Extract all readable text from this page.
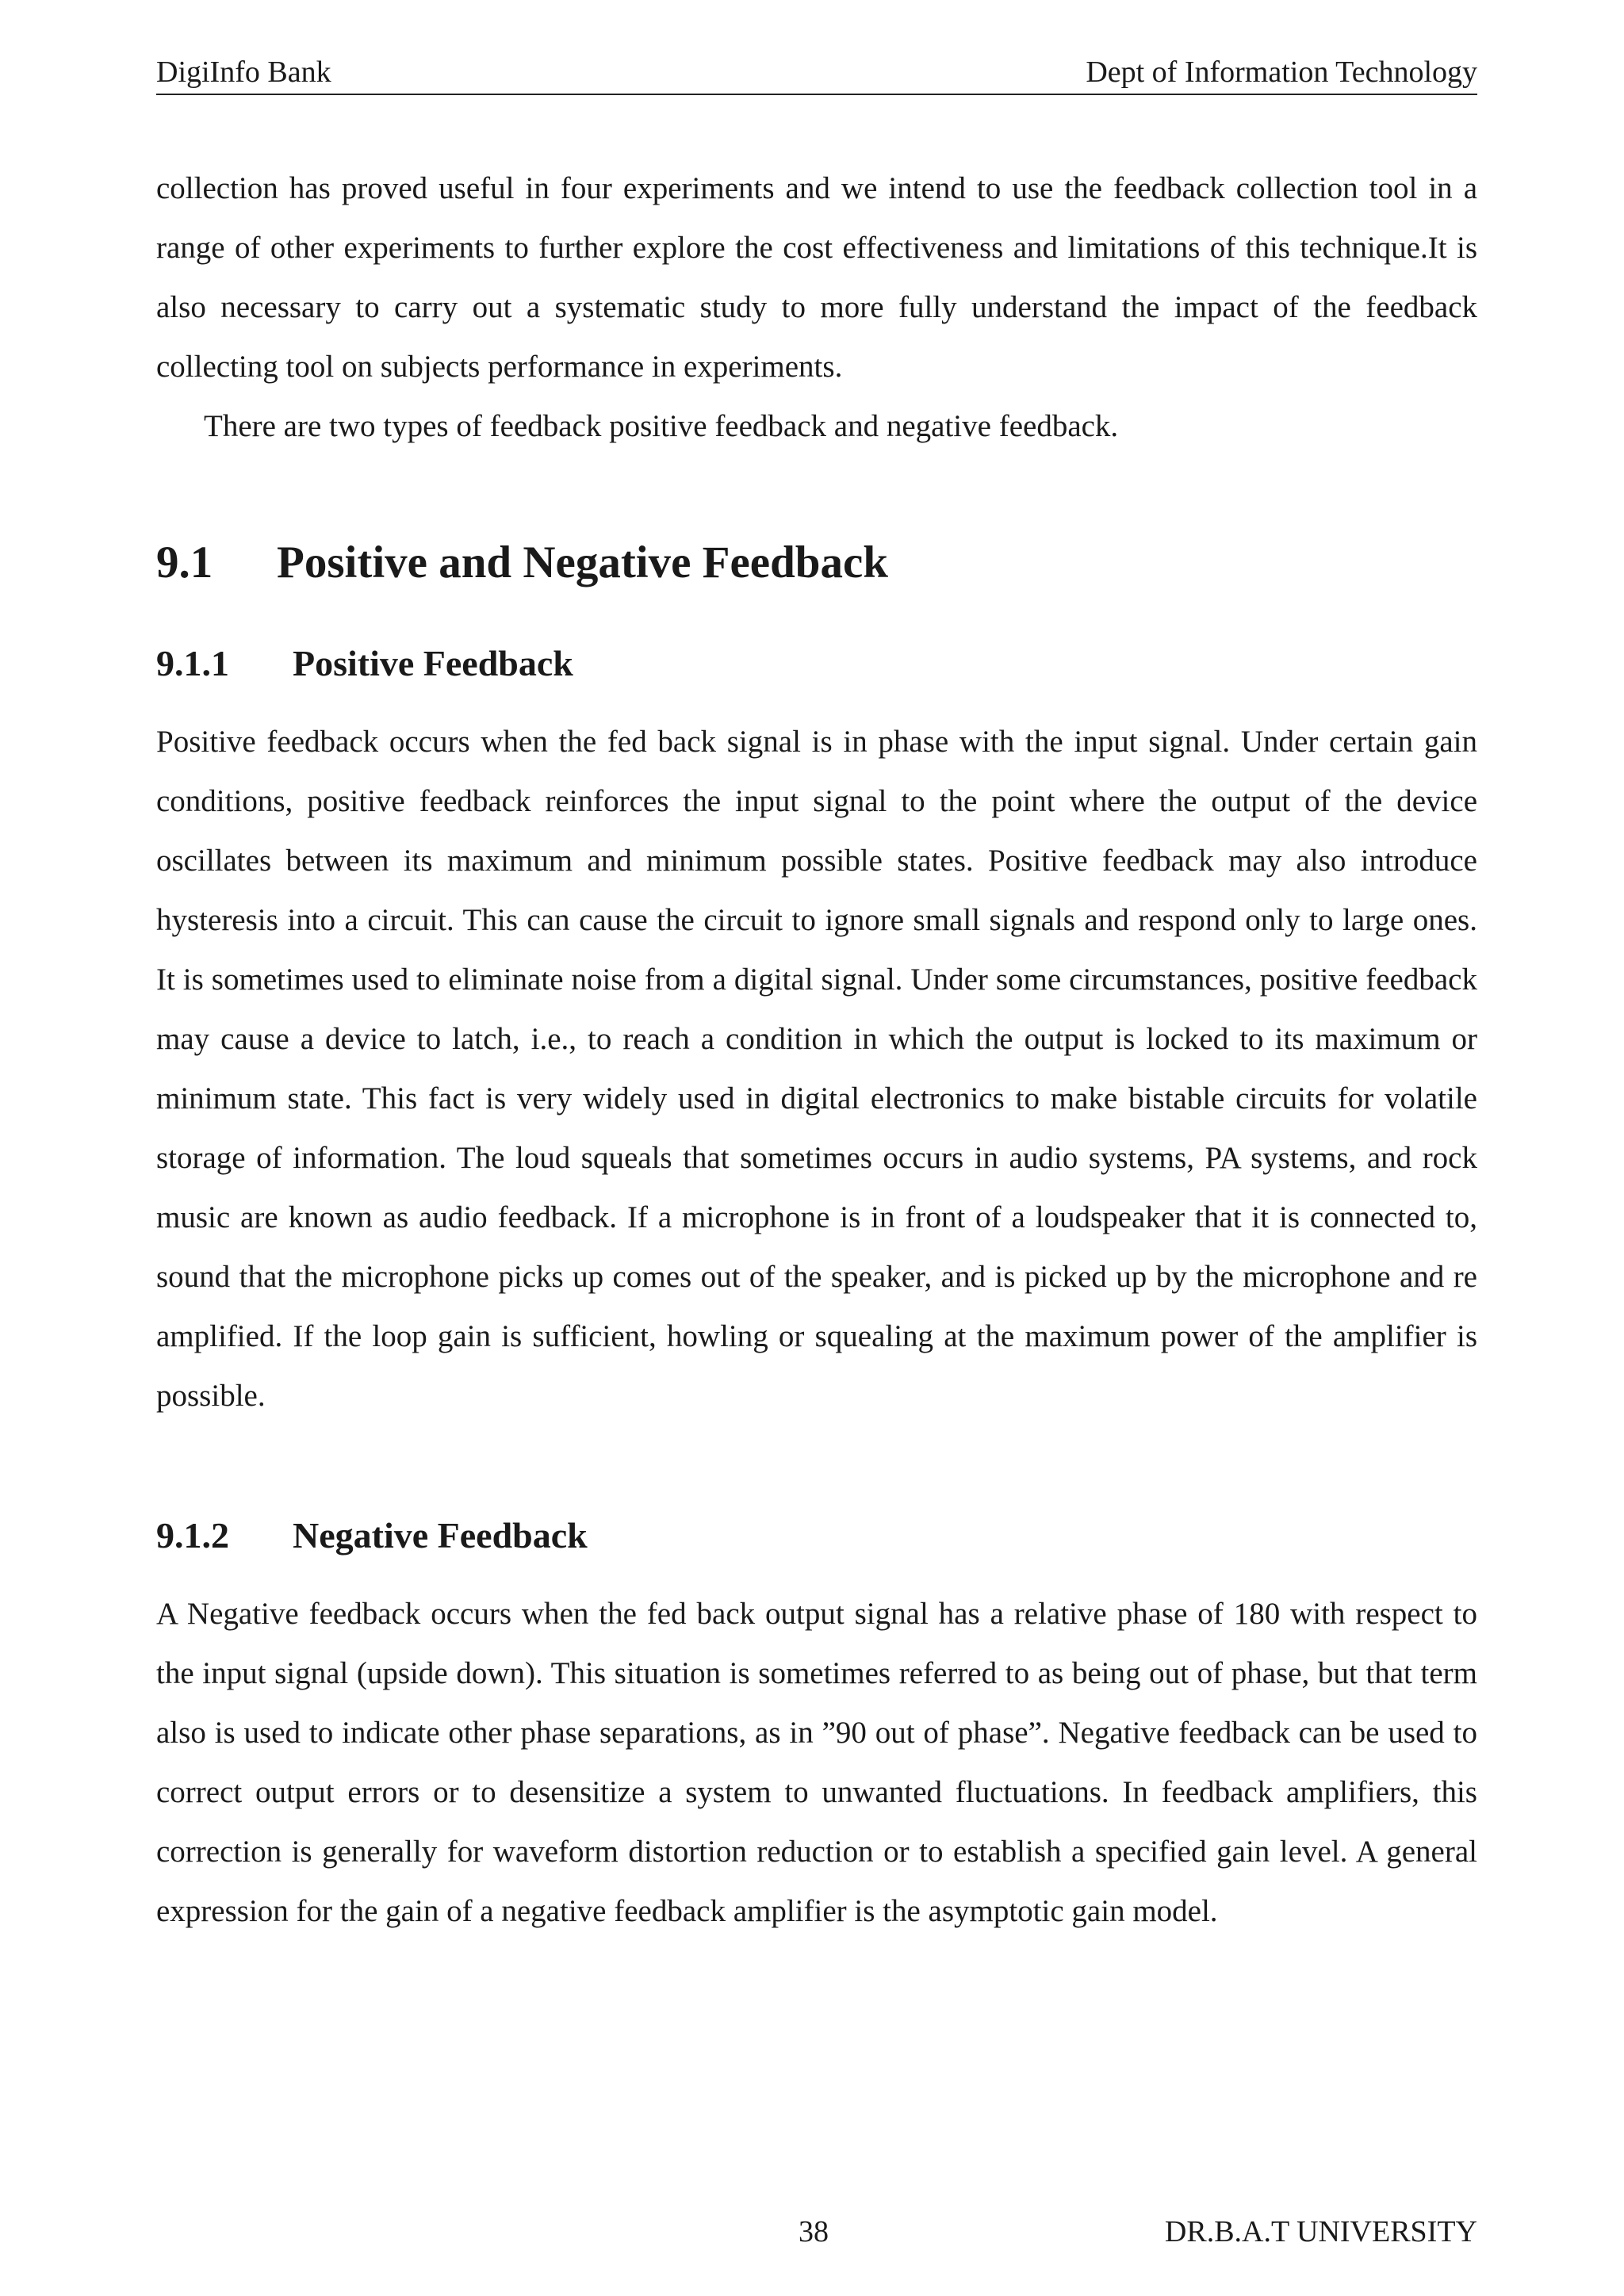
DigiInfo Bank	Dept of Information Technology

collection has proved useful in four experiments and we intend to use the feedback collection tool in a range of other experiments to further explore the cost effectiveness and limitations of this technique.It is also necessary to carry out a systematic study to more fully understand the impact of the feedback collecting tool on subjects performance in experiments.

There are two types of feedback positive feedback and negative feedback.

9.1 Positive and Negative Feedback
9.1.1 Positive Feedback

Positive feedback occurs when the fed back signal is in phase with the input signal. Under certain gain conditions, positive feedback reinforces the input signal to the point where the output of the device oscillates between its maximum and minimum possible states. Positive feedback may also introduce hysteresis into a circuit. This can cause the circuit to ignore small signals and respond only to large ones. It is sometimes used to eliminate noise from a digital signal. Under some circumstances, positive feedback may cause a device to latch, i.e., to reach a condition in which the output is locked to its maximum or minimum state. This fact is very widely used in digital electronics to make bistable circuits for volatile storage of information. The loud squeals that sometimes occurs in audio systems, PA systems, and rock music are known as audio feedback. If a microphone is in front of a loudspeaker that it is connected to, sound that the microphone picks up comes out of the speaker, and is picked up by the microphone and re amplified. If the loop gain is sufficient, howling or squealing at the maximum power of the amplifier is possible.

9.1.2 Negative Feedback

A Negative feedback occurs when the fed back output signal has a relative phase of 180 with respect to the input signal (upside down). This situation is sometimes referred to as being out of phase, but that term also is used to indicate other phase separations, as in ”90 out of phase”. Negative feedback can be used to correct output errors or to desensitize a system to unwanted fluctuations. In feedback amplifiers, this correction is generally for waveform distortion reduction or to establish a specified gain level. A general expression for the gain of a negative feedback amplifier is the asymptotic gain model.

38	DR.B.A.T UNIVERSITY
